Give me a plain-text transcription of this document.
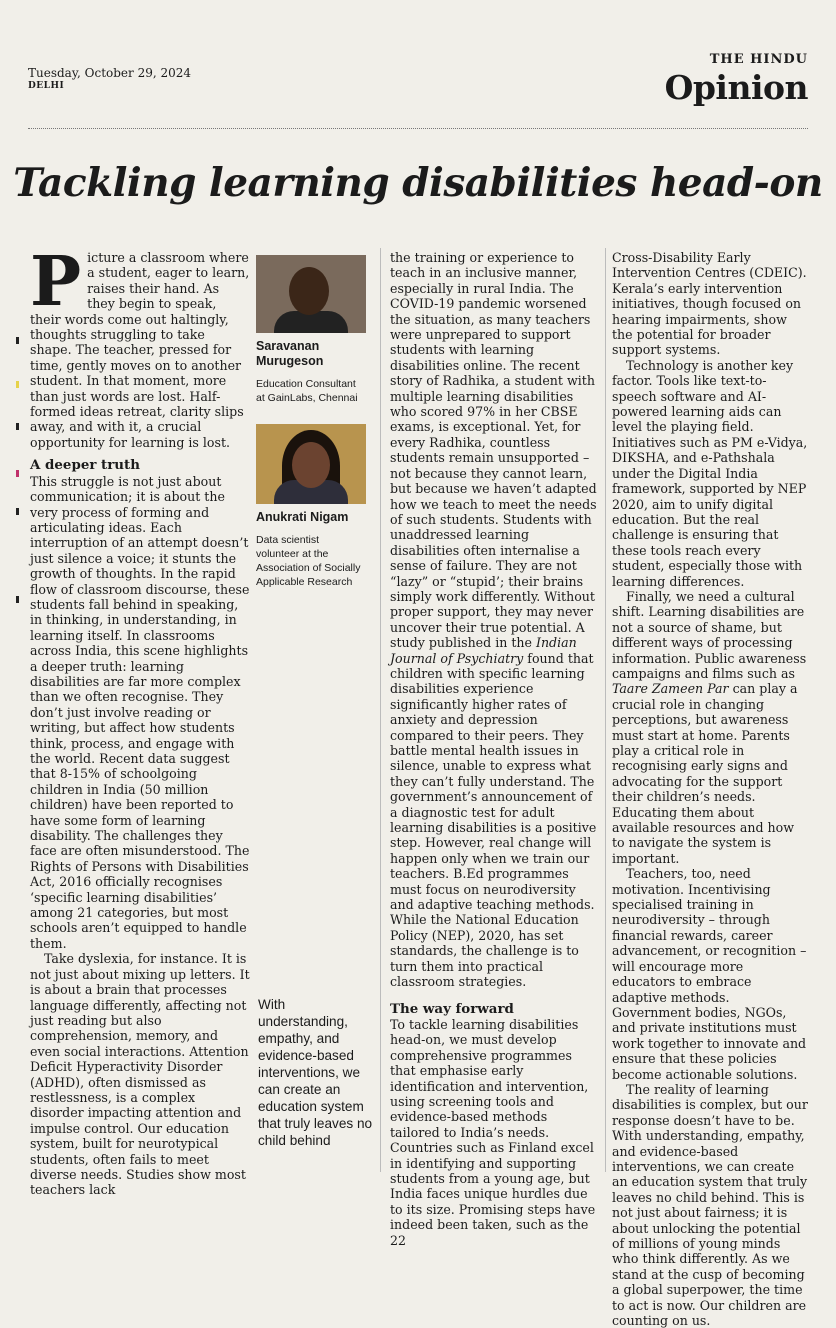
Tuesday, October 29, 2024
DELHI
THE HINDU
Opinion
Tackling learning disabilities head-on

P icture a classroom where a student, eager to learn, raises their hand. As they begin to speak, their words come out haltingly, thoughts struggling to take shape. The teacher, pressed for time, gently moves on to another student. In that moment, more than just words are lost. Half-formed ideas retreat, clarity slips away, and with it, a crucial opportunity for learning is lost.

A deeper truth

This struggle is not just about communication; it is about the very process of forming and articulating ideas. Each interruption of an attempt doesn’t just silence a voice; it stunts the growth of thoughts. In the rapid flow of classroom discourse, these students fall behind in speaking, in thinking, in understanding, in learning itself. In classrooms across India, this scene highlights a deeper truth: learning disabilities are far more complex than we often recognise. They don’t just involve reading or writing, but affect how students think, process, and engage with the world. Recent data suggest that 8-15% of schoolgoing children in India (50 million children) have been reported to have some form of learning disability. The challenges they face are often misunderstood. The Rights of Persons with Disabilities Act, 2016 officially recognises ‘specific learning disabilities’ among 21 categories, but most schools aren’t equipped to handle them.

Take dyslexia, for instance. It is not just about mixing up letters. It is about a brain that processes language differently, affecting not just reading but also comprehension, memory, and even social interactions. Attention Deficit Hyperactivity Disorder (ADHD), often dismissed as restlessness, is a complex disorder impacting attention and impulse control. Our education system, built for neurotypical students, often fails to meet diverse needs. Studies show most teachers lack

Saravanan
Murugeson
Education Consultant
at GainLabs, Chennai
Anukrati Nigam
Data scientist
volunteer at the
Association of Socially
Applicable Research
With understanding, empathy, and evidence-based interventions, we can create an education system that truly leaves no child behind

the training or experience to teach in an inclusive manner, especially in rural India. The COVID-19 pandemic worsened the situation, as many teachers were unprepared to support students with learning disabilities online. The recent story of Radhika, a student with multiple learning disabilities who scored 97% in her CBSE exams, is exceptional. Yet, for every Radhika, countless students remain unsupported – not because they cannot learn, but because we haven’t adapted how we teach to meet the needs of such students. Students with unaddressed learning disabilities often internalise a sense of failure. They are not “lazy” or “stupid’; their brains simply work differently. Without proper support, they may never uncover their true potential. A study published in the Indian Journal of Psychiatry found that children with specific learning disabilities experience significantly higher rates of anxiety and depression compared to their peers. They battle mental health issues in silence, unable to express what they can’t fully understand. The government’s announcement of a diagnostic test for adult learning disabilities is a positive step. However, real change will happen only when we train our teachers. B.Ed programmes must focus on neurodiversity and adaptive teaching methods. While the National Education Policy (NEP), 2020, has set standards, the challenge is to turn them into practical classroom strategies.

The way forward

To tackle learning disabilities head-on, we must develop comprehensive programmes that emphasise early identification and intervention, using screening tools and evidence-based methods tailored to India’s needs. Countries such as Finland excel in identifying and supporting students from a young age, but India faces unique hurdles due to its size. Promising steps have indeed been taken, such as the 22

Cross-Disability Early Intervention Centres (CDEIC). Kerala’s early intervention initiatives, though focused on hearing impairments, show the potential for broader support systems.

Technology is another key factor. Tools like text-to-speech software and AI-powered learning aids can level the playing field. Initiatives such as PM e-Vidya, DIKSHA, and e-Pathshala under the Digital India framework, supported by NEP 2020, aim to unify digital education. But the real challenge is ensuring that these tools reach every student, especially those with learning differences.

Finally, we need a cultural shift. Learning disabilities are not a source of shame, but different ways of processing information. Public awareness campaigns and films such as Taare Zameen Par can play a crucial role in changing perceptions, but awareness must start at home. Parents play a critical role in recognising early signs and advocating for the support their children’s needs. Educating them about available resources and how to navigate the system is important.

Teachers, too, need motivation. Incentivising specialised training in neurodiversity – through financial rewards, career advancement, or recognition – will encourage more educators to embrace adaptive methods. Government bodies, NGOs, and private institutions must work together to innovate and ensure that these policies become actionable solutions.

The reality of learning disabilities is complex, but our response doesn’t have to be. With understanding, empathy, and evidence-based interventions, we can create an education system that truly leaves no child behind. This is not just about fairness; it is about unlocking the potential of millions of young minds who think differently. As we stand at the cusp of becoming a global superpower, the time to act is now. Our children are counting on us.
